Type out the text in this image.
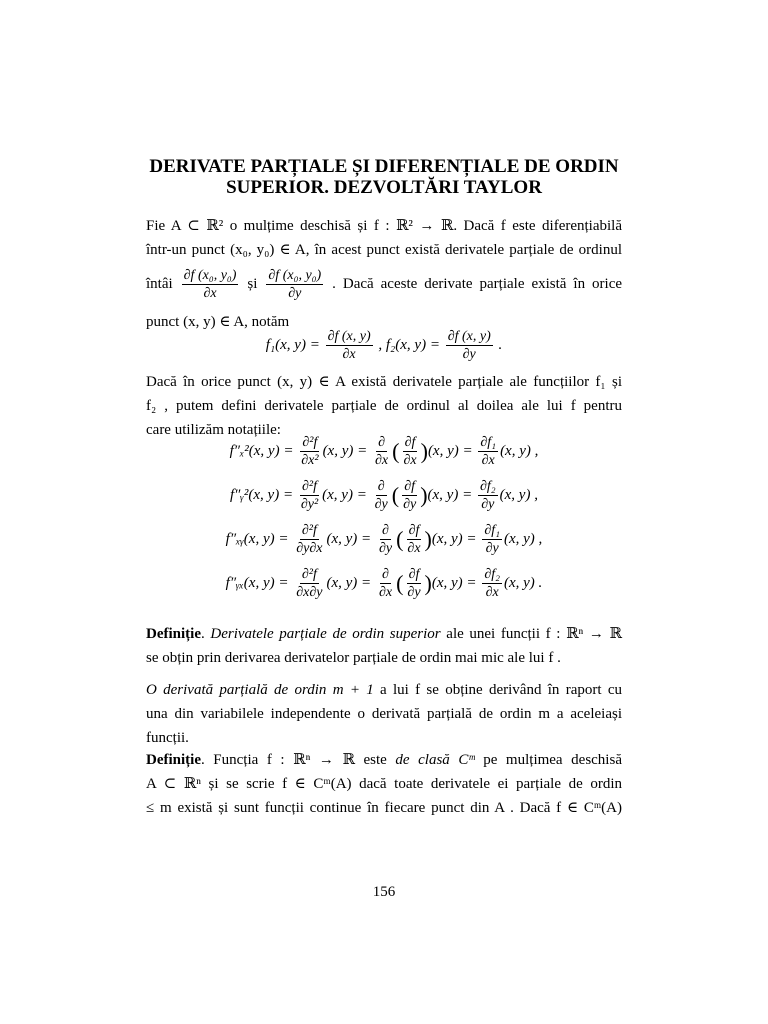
DERIVATE PARȚIALE ȘI DIFERENȚIALE DE ORDIN
SUPERIOR. DEZVOLTĂRI TAYLOR
Fie A ⊂ ℝ² o mulțime deschisă și f : ℝ² → ℝ. Dacă f este diferențiabilă
într-un punct (x₀, y₀) ∈ A, în acest punct există derivatele parțiale de ordinul
întâi $\frac{\text{∂f (x₀, y₀)}}{\partial x}$ și $\frac{\text{∂f (x₀, y₀)}}{\partial y}$ . Dacă aceste derivate parțiale există în orice
punct (x, y) ∈ A, notăm
f₁(x, $y) = \frac{\partial f (x, y)}{\partial x}$ , f₂(x, $y) = \frac{\partial f (x, y)}{\partial y}$ .
Dacă în orice punct (x, y) ∈ A există derivatele parțiale ale funcțiilor f₁ și
f₂ , putem defini derivatele parțiale de ordinul al doilea ale lui f pentru
care utilizăm notațiile:
f″ₓ²(x, $y) = \frac{\text{∂²f}}{\text{∂x²}} (x$, $y) = \frac{\partial}{\partial x}$ ( $\frac{\partial f}{\partial x} )(x$, $y) = \frac{\text{∂f₁}}{\partial x} (x$, y) ,
f″ᵧ²(x, $y) = \frac{\text{∂²f}}{\text{∂y²}} (x$, $y) = \frac{\partial}{\partial y}$ ( $\frac{\partial f}{\partial y} )(x$, $y) = \frac{\text{∂f₂}}{\partial y} (x$, y) ,
f″ₓᵧ(x, $y) = \frac{\text{∂²f}}{\partial y\partial x} (x$, $y) = \frac{\partial}{\partial y}$ ( $\frac{\partial f}{\partial x} )(x$, $y) = \frac{\text{∂f₁}}{\partial y} (x$, y) ,
f″ᵧₓ(x, $y) = \frac{\text{∂²f}}{\partial x\partial y} (x$, $y) = \frac{\partial}{\partial x}$ ( $\frac{\partial f}{\partial y} )(x$, $y) = \frac{\text{∂f₂}}{\partial x} (x$, y) .
Definiție. Derivatele parțiale de ordin superior ale unei funcții f : ℝⁿ → ℝ
se obțin prin derivarea derivatelor parțiale de ordin mai mic ale lui f .
O derivată parțială de ordin m + 1 a lui f se obține derivând în raport cu
una din variabilele independente o derivată parțială de ordin m a aceleiași
funcții.
Definiție. Funcția f : ℝⁿ → ℝ este de clasă Cᵐ pe mulțimea deschisă
A ⊂ ℝⁿ și se scrie f ∈ Cᵐ(A) dacă toate derivatele ei parțiale de ordin
≤ m există și sunt funcții continue în fiecare punct din A . Dacă f ∈ Cᵐ(A)
156
